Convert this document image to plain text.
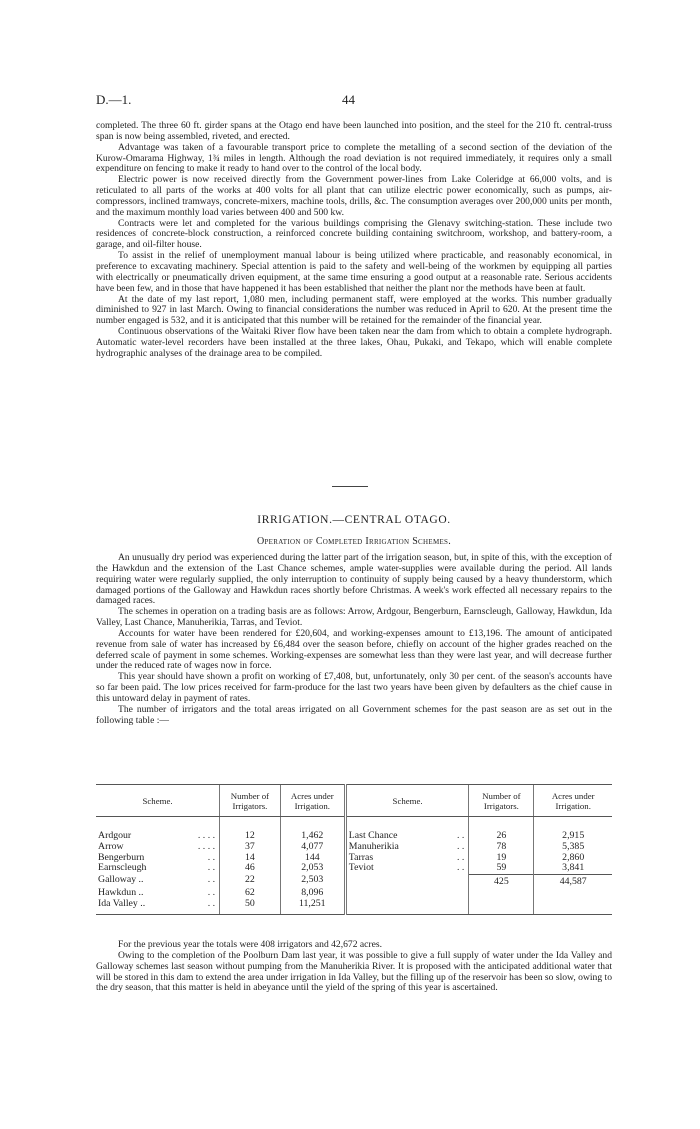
D.—1.	44

completed. The three 60 ft. girder spans at the Otago end have been launched into position, and the steel for the 210 ft. central-truss span is now being assembled, riveted, and erected.

Advantage was taken of a favourable transport price to complete the metalling of a second section of the deviation of the Kurow-Omarama Highway, 1¾ miles in length. Although the road deviation is not required immediately, it requires only a small expenditure on fencing to make it ready to hand over to the control of the local body.

Electric power is now received directly from the Government power-lines from Lake Coleridge at 66,000 volts, and is reticulated to all parts of the works at 400 volts for all plant that can utilize electric power economically, such as pumps, air-compressors, inclined tramways, concrete-mixers, machine tools, drills, &c. The consumption averages over 200,000 units per month, and the maximum monthly load varies between 400 and 500 kw.

Contracts were let and completed for the various buildings comprising the Glenavy switching-station. These include two residences of concrete-block construction, a reinforced concrete building containing switchroom, workshop, and battery-room, a garage, and oil-filter house.

To assist in the relief of unemployment manual labour is being utilized where practicable, and reasonably economical, in preference to excavating machinery. Special attention is paid to the safety and well-being of the workmen by equipping all parties with electrically or pneumatically driven equipment, at the same time ensuring a good output at a reasonable rate. Serious accidents have been few, and in those that have happened it has been established that neither the plant nor the methods have been at fault.

At the date of my last report, 1,080 men, including permanent staff, were employed at the works. This number gradually diminished to 927 in last March. Owing to financial considerations the number was reduced in April to 620. At the present time the number engaged is 532, and it is anticipated that this number will be retained for the remainder of the financial year.

Continuous observations of the Waitaki River flow have been taken near the dam from which to obtain a complete hydrograph. Automatic water-level recorders have been installed at the three lakes, Ohau, Pukaki, and Tekapo, which will enable complete hydrographic analyses of the drainage area to be compiled.

IRRIGATION.—CENTRAL OTAGO.
Operation of Completed Irrigation Schemes.

An unusually dry period was experienced during the latter part of the irrigation season, but, in spite of this, with the exception of the Hawkdun and the extension of the Last Chance schemes, ample water-supplies were available during the period. All lands requiring water were regularly supplied, the only interruption to continuity of supply being caused by a heavy thunderstorm, which damaged portions of the Galloway and Hawkdun races shortly before Christmas. A week's work effected all necessary repairs to the damaged races.

The schemes in operation on a trading basis are as follows: Arrow, Ardgour, Bengerburn, Earnscleugh, Galloway, Hawkdun, Ida Valley, Last Chance, Manuherikia, Tarras, and Teviot.

Accounts for water have been rendered for £20,604, and working-expenses amount to £13,196. The amount of anticipated revenue from sale of water has increased by £6,484 over the season before, chiefly on account of the higher grades reached on the deferred scale of payment in some schemes. Working-expenses are somewhat less than they were last year, and will decrease further under the reduced rate of wages now in force.

This year should have shown a profit on working of £7,408, but, unfortunately, only 30 per cent. of the season's accounts have so far been paid. The low prices received for farm-produce for the last two years have been given by defaulters as the chief cause in this untoward delay in payment of rates.

The number of irrigators and the total areas irrigated on all Government schemes for the past season are as set out in the following table :—

Scheme.		Number of Irrigators.	Acres under Irrigation.	Scheme.		Number of Irrigators.	Acres under Irrigation.

Ardgour	. . . .	12	1,462	Last Chance	. .	26	2,915
Arrow	. . . .	37	4,077	Manuherikia	. .	78	5,385
Bengerburn	. .	14	144	Tarras	. .	19	2,860
Earnscleugh	. .	46	2,053	Teviot	. .	59	3,841
Galloway ..	. .	22	2,503			425	44,587
Hawkdun ..	. .	62	8,096				
Ida Valley ..	. .	50	11,251				

For the previous year the totals were 408 irrigators and 42,672 acres.

Owing to the completion of the Poolburn Dam last year, it was possible to give a full supply of water under the Ida Valley and Galloway schemes last season without pumping from the Manuherikia River. It is proposed with the anticipated additional water that will be stored in this dam to extend the area under irrigation in Ida Valley, but the filling up of the reservoir has been so slow, owing to the dry season, that this matter is held in abeyance until the yield of the spring of this year is ascertained.
